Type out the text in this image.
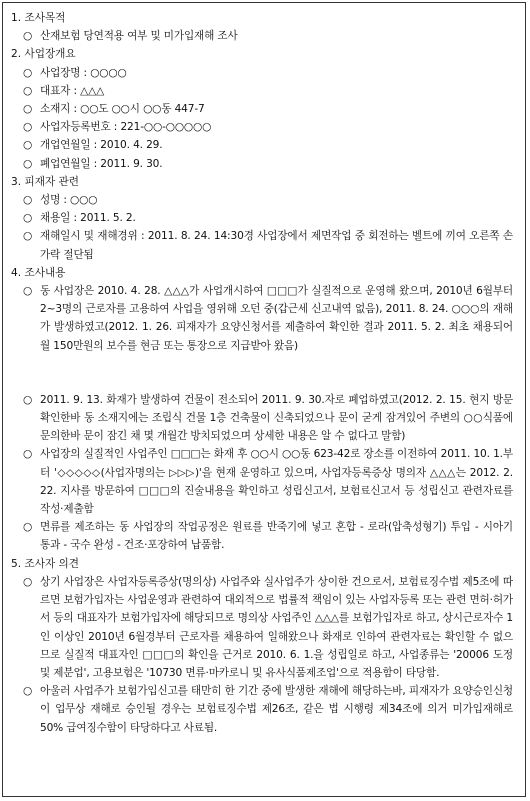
1. 조사목적
○ 산재보험 당연적용 여부 및 미가입재해 조사
2. 사업장개요
○ 사업장명 : ○○○○
○ 대표자 : △△△
○ 소재지 : ○○도 ○○시 ○○동 447-7
○ 사업자등록번호 : 221-○○-○○○○○
○ 개업연월일 : 2010. 4. 29.
○ 폐업연월일 : 2011. 9. 30.
3. 피재자 관련
○ 성명 : ○○○
○ 채용일 : 2011. 5. 2.
○ 재해일시 및 재해경위 : 2011. 8. 24. 14:30경 사업장에서 제면작업 중 회전하는 벨트에 끼여 오른쪽 손가락 절단됨
4. 조사내용
○ 동 사업장은 2010. 4. 28. △△△가 사업개시하여 □□□가 실질적으로 운영해 왔으며, 2010년 6월부터 2~3명의 근로자를 고용하여 사업을 영위해 오던 중(갑근세 신고내역 없음), 2011. 8. 24. ○○○의 재해가 발생하였고(2012. 1. 26. 피재자가 요양신청서를 제출하여 확인한 결과 2011. 5. 2. 최초 채용되어 월 150만원의 보수를 현금 또는 통장으로 지급받아 왔음)
○ 2011. 9. 13. 화재가 발생하여 건물이 전소되어 2011. 9. 30.자로 폐업하였고(2012. 2. 15. 현지 방문 확인한바 동 소재지에는 조립식 건물 1층 건축물이 신축되었으나 문이 굳게 잠겨있어 주변의 ○○식품에 문의한바 문이 잠긴 채 몇 개월간 방치되었으며 상세한 내용은 알 수 없다고 말함)
○ 사업장의 실질적인 사업주인 □□□는 화재 후 ○○시 ○○동 623-42로 장소를 이전하여 2011. 10. 1.부터 '◇◇◇◇◇(사업자명의는 ▷▷▷)'을 현재 운영하고 있으며, 사업자등록증상 명의자 △△△는 2012. 2. 22. 지사를 방문하여 □□□의 진술내용을 확인하고 성립신고서, 보험료신고서 등 성립신고 관련자료를 작성·제출함
○ 면류를 제조하는 동 사업장의 작업공정은 원료를 반죽기에 넣고 혼합 - 로라(압축성형기) 투입 - 시아기 통과 - 국수 완성 - 건조·포장하여 납품함.
5. 조사자 의견
○ 상기 사업장은 사업자등록증상(명의상) 사업주와 실사업주가 상이한 건으로서, 보험료징수법 제5조에 따르면 보험가입자는 사업운영과 관련하여 대외적으로 법률적 책임이 있는 사업자등록 또는 관련 면허·허가서 등의 대표자가 보험가입자에 해당되므로 명의상 사업주인 △△△를 보험가입자로 하고, 상시근로자수 1인 이상인 2010년 6월경부터 근로자를 채용하여 일해왔으나 화재로 인하여 관련자료는 확인할 수 없으므로 실질적 대표자인 □□□의 확인을 근거로 2010. 6. 1.을 성립일로 하고, 사업종류는 '20006 도정 및 제분업', 고용보험은 '10730 면류·마카로니 및 유사식품제조업'으로 적용함이 타당함.
○ 아울러 사업주가 보험가입신고를 태만히 한 기간 중에 발생한 재해에 해당하는바, 피재자가 요양승인신청이 업무상 재해로 승인될 경우는 보험료징수법 제26조, 같은 법 시행령 제34조에 의거 미가입재해로 50% 급여징수함이 타당하다고 사료됨.
